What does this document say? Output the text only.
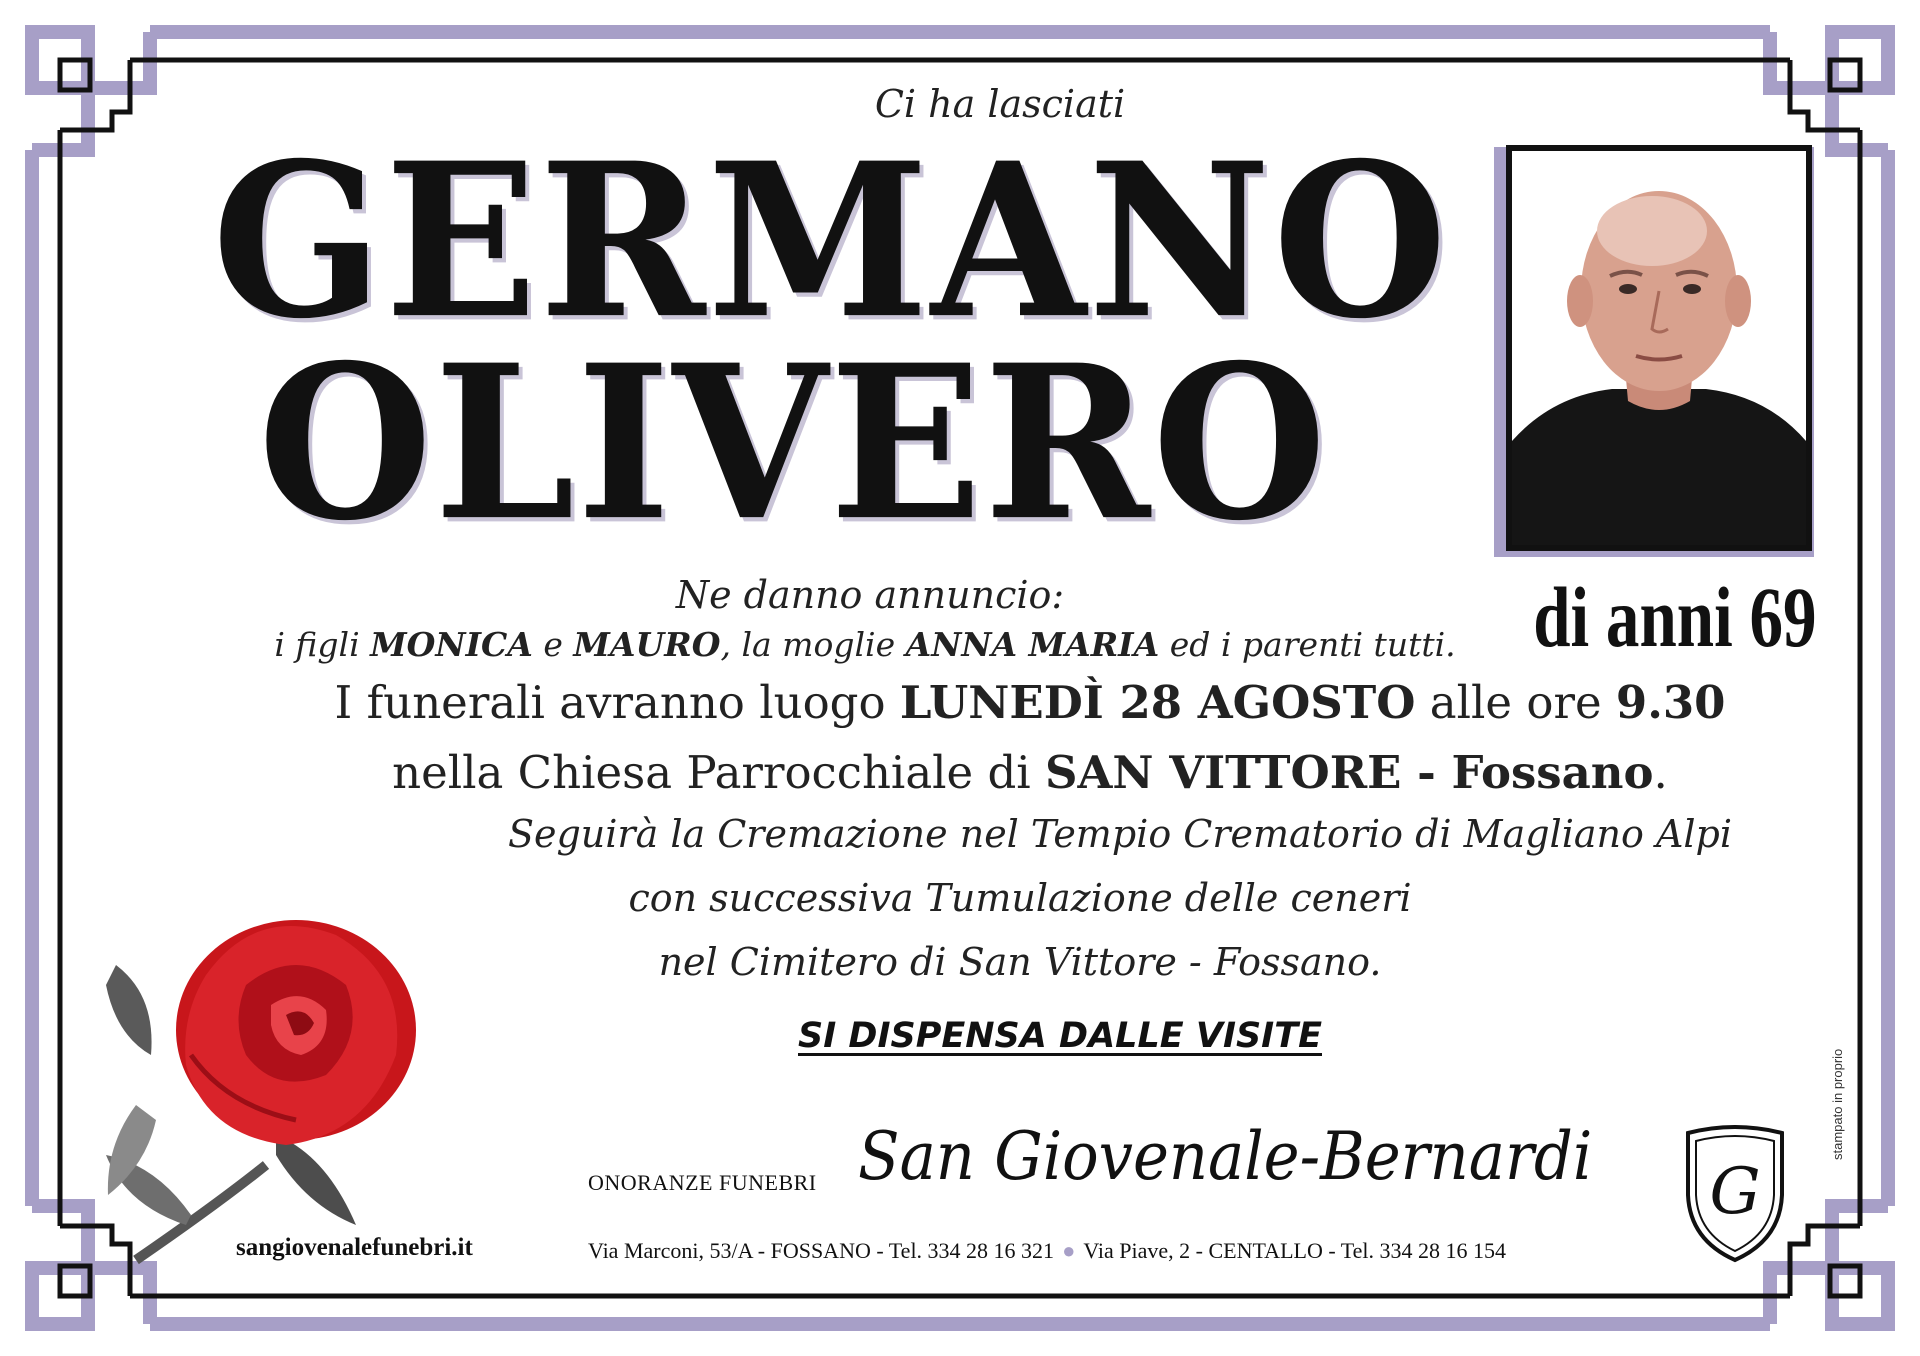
Ci ha lasciati
GERMANO
OLIVERO
di anni 69
Ne danno annuncio:
i figli MONICA e MAURO, la moglie ANNA MARIA ed i parenti tutti.
I funerali avranno luogo LUNEDÌ 28 AGOSTO alle ore 9.30
nella Chiesa Parrocchiale di SAN VITTORE - Fossano.
Seguirà la Cremazione nel Tempio Crematorio di Magliano Alpi
con successiva Tumulazione delle ceneri
nel Cimitero di San Vittore - Fossano.
SI DISPENSA DALLE VISITE
sangiovenalefunebri.it
ONORANZE FUNEBRI San Giovenale-Bernardi G
Via Marconi, 53/A - FOSSANO - Tel. 334 28 16 321 ● Via Piave, 2 - CENTALLO - Tel. 334 28 16 154
stampato in proprio
